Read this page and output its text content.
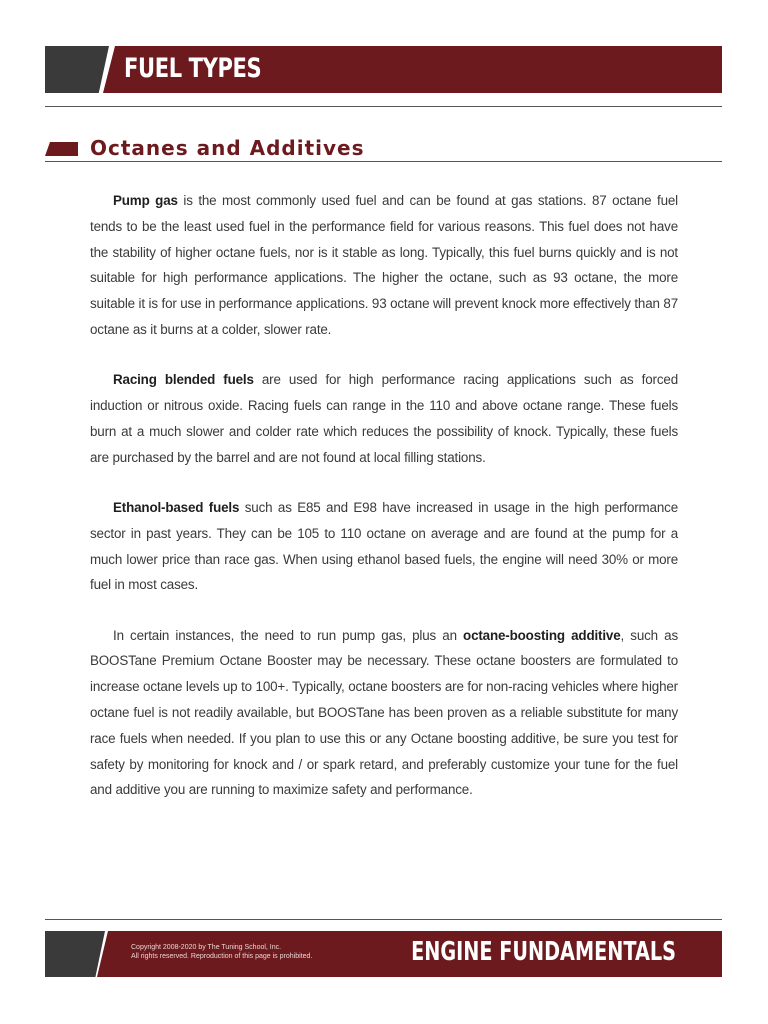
FUEL TYPES
Octanes and Additives

Pump gas is the most commonly used fuel and can be found at gas stations. 87 octane fuel tends to be the least used fuel in the performance field for various reasons. This fuel does not have the stability of higher octane fuels, nor is it stable as long. Typically, this fuel burns quickly and is not suitable for high performance applications. The higher the octane, such as 93 octane, the more suitable it is for use in performance applications. 93 octane will prevent knock more effectively than 87 octane as it burns at a colder, slower rate.

Racing blended fuels are used for high performance racing applications such as forced induction or nitrous oxide. Racing fuels can range in the 110 and above octane range. These fuels burn at a much slower and colder rate which reduces the possibility of knock. Typically, these fuels are purchased by the barrel and are not found at local filling stations.

Ethanol-based fuels such as E85 and E98 have increased in usage in the high performance sector in past years. They can be 105 to 110 octane on average and are found at the pump for a much lower price than race gas. When using ethanol based fuels, the engine will need 30% or more fuel in most cases.

In certain instances, the need to run pump gas, plus an octane-boosting additive, such as BOOSTane Premium Octane Booster may be necessary. These octane boosters are formulated to increase octane levels up to 100+. Typically, octane boosters are for non-racing vehicles where higher octane fuel is not readily available, but BOOSTane has been proven as a reliable substitute for many race fuels when needed. If you plan to use this or any Octane boosting additive, be sure you test for safety by monitoring for knock and / or spark retard, and preferably customize your tune for the fuel and additive you are running to maximize safety and performance.

Copyright 2008-2020 by The Tuning School, Inc.
All rights reserved. Reproduction of this page is prohibited.	ENGINE FUNDAMENTALS
